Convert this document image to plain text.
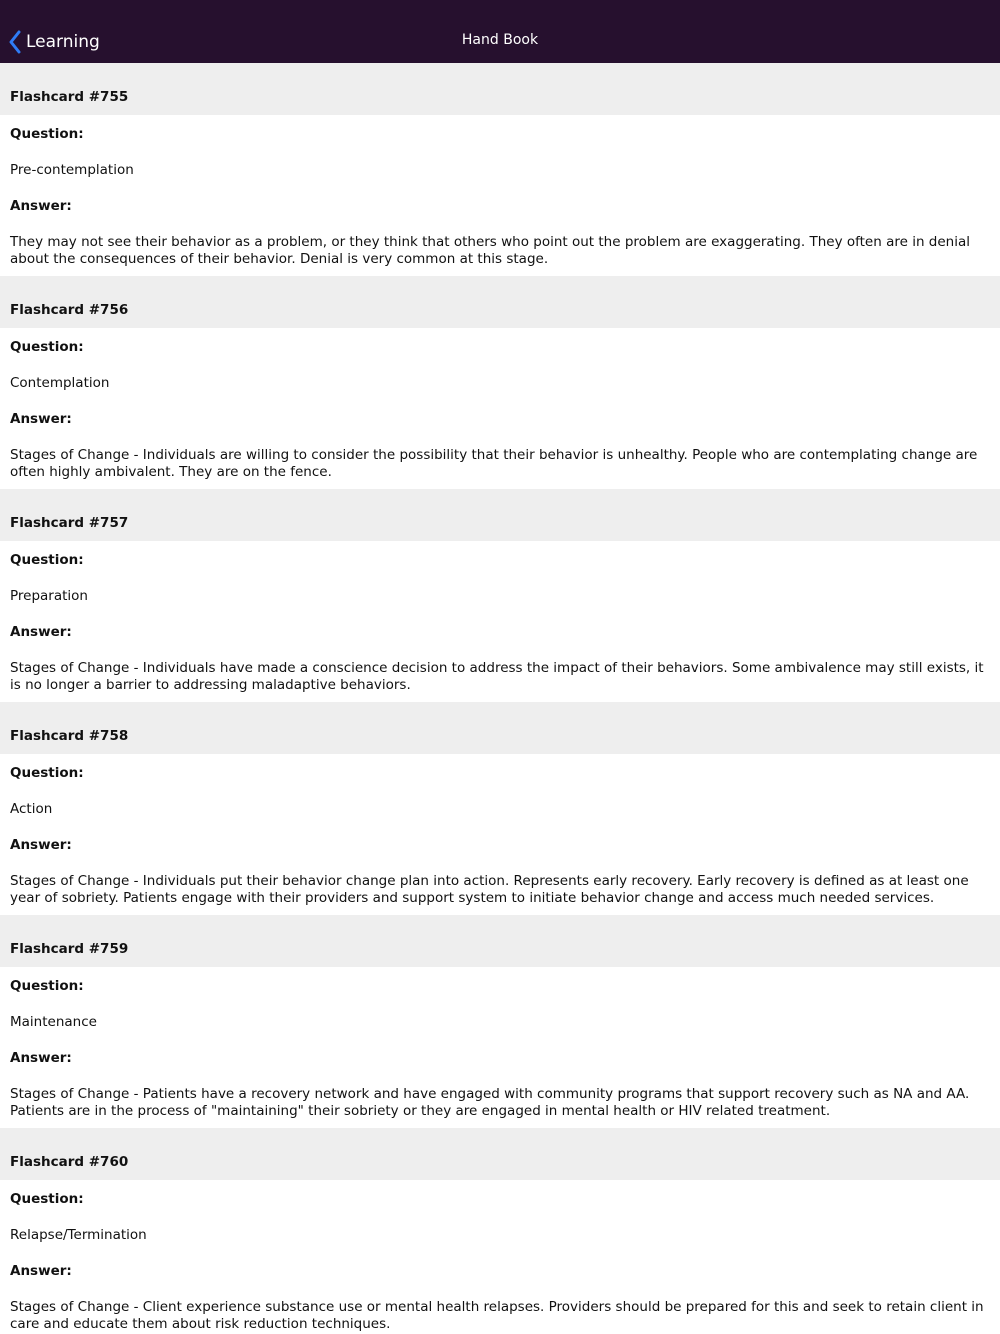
Learning	Hand Book
Flashcard #755
Question:
Pre-contemplation
Answer:
They may not see their behavior as a problem, or they think that others who point out the problem are exaggerating. They often are in denial about the consequences of their behavior. Denial is very common at this stage.
Flashcard #756
Question:
Contemplation
Answer:
Stages of Change - Individuals are willing to consider the possibility that their behavior is unhealthy. People who are contemplating change are often highly ambivalent. They are on the fence.
Flashcard #757
Question:
Preparation
Answer:
Stages of Change - Individuals have made a conscience decision to address the impact of their behaviors. Some ambivalence may still exists, it is no longer a barrier to addressing maladaptive behaviors.
Flashcard #758
Question:
Action
Answer:
Stages of Change - Individuals put their behavior change plan into action. Represents early recovery. Early recovery is defined as at least one year of sobriety. Patients engage with their providers and support system to initiate behavior change and access much needed services.
Flashcard #759
Question:
Maintenance
Answer:
Stages of Change - Patients have a recovery network and have engaged with community programs that support recovery such as NA and AA. Patients are in the process of "maintaining" their sobriety or they are engaged in mental health or HIV related treatment.
Flashcard #760
Question:
Relapse/Termination
Answer:
Stages of Change - Client experience substance use or mental health relapses. Providers should be prepared for this and seek to retain client in care and educate them about risk reduction techniques.
